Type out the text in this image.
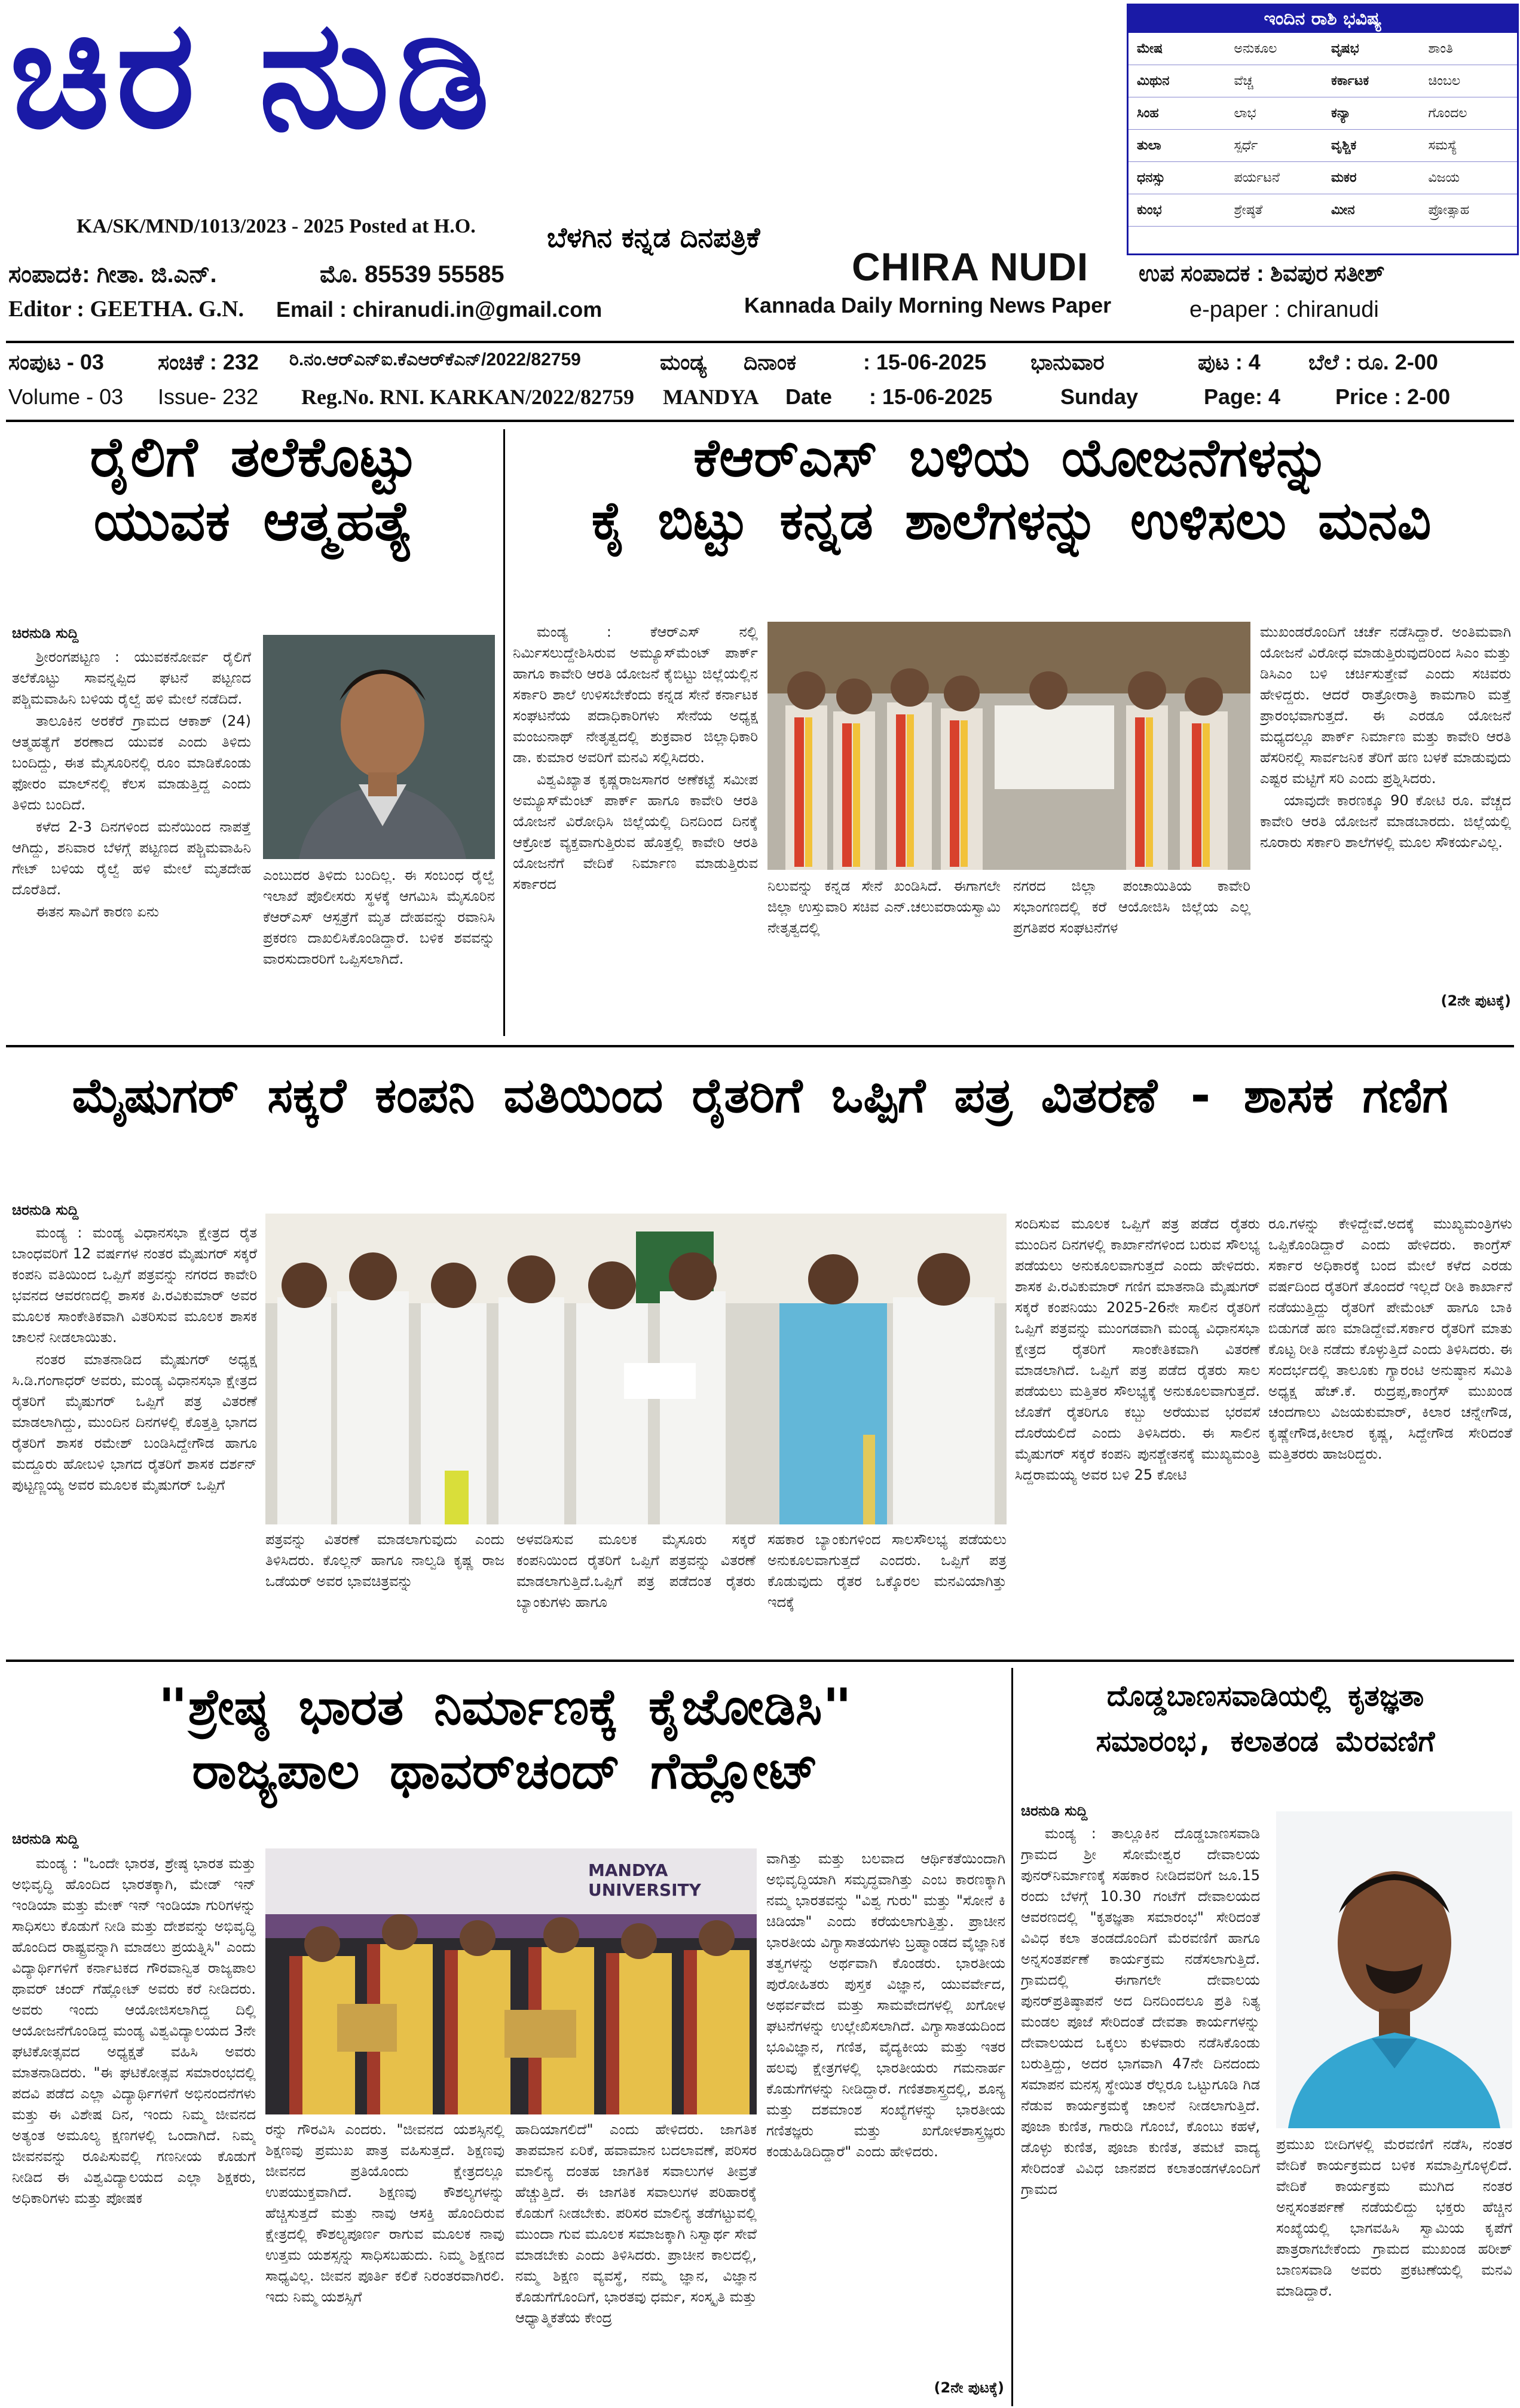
ಚಿರ ನುಡಿ
KA/SK/MND/1013/2023 - 2025 Posted at H.O.	ಬೆಳಗಿನ ಕನ್ನಡ ದಿನಪತ್ರಿಕೆ
ಸಂಪಾದಕಿ: ಗೀತಾ. ಜಿ.ಎನ್.	ಮೊ. 85539 55585
Editor : GEETHA. G.N. Email : chiranudi.in@gmail.com
CHIRA NUDI
Kannada Daily Morning News Paper
ಉಪ ಸಂಪಾದಕ : ಶಿವಪುರ ಸತೀಶ್
e-paper : chiranudi
ಇಂದಿನ ರಾಶಿ ಭವಿಷ್ಯ
ಮೇಷ	ಅನುಕೂಲ	ವೃಷಭ	ಶಾಂತಿ
ಮಿಥುನ	ವೆಚ್ಚ	ಕರ್ಕಾಟಕ	ಚಿಂಬಲ
ಸಿಂಹ	ಲಾಭ	ಕನ್ಯಾ	ಗೊಂದಲ
ತುಲಾ	ಸ್ಪರ್ಧೆ	ವೃಶ್ಚಿಕ	ಸಮಸ್ಯೆ
ಧನಸ್ಸು	ಪರ್ಯಟನೆ	ಮಕರ	ವಿಜಯ
ಕುಂಭ	ಶ್ರೇಷ್ಠತೆ	ಮೀನ	ಪ್ರೋತ್ಸಾಹ
ಸಂಪುಟ - 03	ಸಂಚಿಕೆ : 232 ರಿ.ನಂ.ಆರ್‌ಎನ್‌ಐ.ಕೆಎಆರ್‌ಕೆಎನ್/2022/82759	ಮಂಡ್ಯ ದಿನಾಂಕ	: 15-06-2025 ಭಾನುವಾರ	ಪುಟ : 4 ಬೆಲೆ : ರೂ. 2-00
Volume - 03 Issue- 232 Reg.No. RNI. KARKAN/2022/82759 MANDYA Date : 15-06-2025	Sunday	Page: 4	Price : 2-00
ರೈಲಿಗೆ ತಲೆಕೊಟ್ಟು
ಯುವಕ ಆತ್ಮಹತ್ಯೆ
ಚಿರನುಡಿ ಸುದ್ದಿ

ಶ್ರೀರಂಗಪಟ್ಟಣ : ಯುವಕನೋರ್ವ ರೈಲಿಗೆ ತಲೆಕೊಟ್ಟು ಸಾವನ್ನಪ್ಪಿದ ಘಟನೆ ಪಟ್ಟಣದ ಪಶ್ಚಿಮವಾಹಿನಿ ಬಳಿಯ ರೈಲ್ವೆ ಹಳಿ ಮೇಲೆ ನಡೆದಿದೆ.

ತಾಲೂಕಿನ ಅರಕೆರೆ ಗ್ರಾಮದ ಆಕಾಶ್ (24) ಆತ್ಮಹತ್ಯೆಗೆ ಶರಣಾದ ಯುವಕ ಎಂದು ತಿಳಿದು ಬಂದಿದ್ದು, ಈತ ಮೈಸೂರಿನಲ್ಲಿ ರೂಂ ಮಾಡಿಕೊಂಡು ಫೋರಂ ಮಾಲ್‌ನಲ್ಲಿ ಕೆಲಸ ಮಾಡುತ್ತಿದ್ದ ಎಂದು ತಿಳಿದು ಬಂದಿದೆ.

ಕಳೆದ 2-3 ದಿನಗಳಿಂದ ಮನೆಯಿಂದ ನಾಪತ್ತೆ ಆಗಿದ್ದು, ಶನಿವಾರ ಬೆಳಗ್ಗೆ ಪಟ್ಟಣದ ಪಶ್ಚಿಮವಾಹಿನಿ ಗೇಟ್ ಬಳಿಯ ರೈಲ್ವೆ ಹಳಿ ಮೇಲೆ ಮೃತದೇಹ ದೊರೆತಿದೆ.

ಈತನ ಸಾವಿಗೆ ಕಾರಣ ಏನು

ಎಂಬುದರ ತಿಳಿದು ಬಂದಿಲ್ಲ. ಈ ಸಂಬಂಧ ರೈಲ್ವೆ ಇಲಾಖೆ ಪೊಲೀಸರು ಸ್ಥಳಕ್ಕೆ ಆಗಮಿಸಿ ಮೈಸೂರಿನ ಕೆಆರ್‌ಎಸ್ ಆಸ್ಪತ್ರೆಗೆ ಮೃತ ದೇಹವನ್ನು ರವಾನಿಸಿ ಪ್ರಕರಣ ದಾಖಲಿಸಿಕೊಂಡಿದ್ದಾರೆ. ಬಳಿಕ ಶವವನ್ನು ವಾರಸುದಾರರಿಗೆ ಒಪ್ಪಿಸಲಾಗಿದೆ.

ಕೆಆರ್‌ಎಸ್ ಬಳಿಯ ಯೋಜನೆಗಳನ್ನು
ಕೈ ಬಿಟ್ಟು ಕನ್ನಡ ಶಾಲೆಗಳನ್ನು ಉಳಿಸಲು ಮನವಿ

ಮಂಡ್ಯ : ಕೆಆರ್‌ಎಸ್ ನಲ್ಲಿ ನಿರ್ಮಿಸಲುದ್ದೇಶಿಸಿರುವ ಅಮ್ಯೂಸ್‌ಮೆಂಟ್ ಪಾರ್ಕ್ ಹಾಗೂ ಕಾವೇರಿ ಆರತಿ ಯೋಜನೆ ಕೈಬಿಟ್ಟು ಜಿಲ್ಲೆಯಲ್ಲಿನ ಸರ್ಕಾರಿ ಶಾಲೆ ಉಳಿಸಬೇಕೆಂದು ಕನ್ನಡ ಸೇನೆ ಕರ್ನಾಟಕ ಸಂಘಟನೆಯ ಪದಾಧಿಕಾರಿಗಳು ಸೇನೆಯ ಅಧ್ಯಕ್ಷ ಮಂಜುನಾಥ್ ನೇತೃತ್ವದಲ್ಲಿ ಶುಕ್ರವಾರ ಜಿಲ್ಲಾಧಿಕಾರಿ ಡಾ. ಕುಮಾರ ಅವರಿಗೆ ಮನವಿ ಸಲ್ಲಿಸಿದರು.

ವಿಶ್ವವಿಖ್ಯಾತ ಕೃಷ್ಣರಾಜಸಾಗರ ಅಣೆಕಟ್ಟೆ ಸಮೀಪ ಅಮ್ಯೂಸ್‌ಮೆಂಟ್ ಪಾರ್ಕ್ ಹಾಗೂ ಕಾವೇರಿ ಆರತಿ ಯೋಜನೆ ವಿರೋಧಿಸಿ ಜಿಲ್ಲೆಯಲ್ಲಿ ದಿನದಿಂದ ದಿನಕ್ಕೆ ಆಕ್ರೋಶ ವ್ಯಕ್ತವಾಗುತ್ತಿರುವ ಹೊತ್ತಲ್ಲಿ ಕಾವೇರಿ ಆರತಿ ಯೋಜನೆಗೆ ವೇದಿಕೆ ನಿರ್ಮಾಣ ಮಾಡುತ್ತಿರುವ ಸರ್ಕಾರದ	ನಿಲುವನ್ನು ಕನ್ನಡ ಸೇನೆ ಖಂಡಿಸಿದೆ. ಈಗಾಗಲೇ ಜಿಲ್ಲಾ ಉಸ್ತುವಾರಿ ಸಚಿವ ಎನ್.ಚಲುವರಾಯಸ್ವಾಮಿ ನೇತೃತ್ವದಲ್ಲಿ

ನಗರದ ಜಿಲ್ಲಾ ಪಂಚಾಯಿತಿಯ ಕಾವೇರಿ ಸಭಾಂಗಣದಲ್ಲಿ ಕರೆ ಆಯೋಜಿಸಿ ಜಿಲ್ಲೆಯ ಎಲ್ಲ ಪ್ರಗತಿಪರ ಸಂಘಟನೆಗಳ

ಮುಖಂಡರೊಂದಿಗೆ ಚರ್ಚೆ ನಡೆಸಿದ್ದಾರೆ. ಅಂತಿಮವಾಗಿ ಯೋಜನೆ ವಿರೋಧ ಮಾಡುತ್ತಿರುವುದರಿಂದ ಸಿಎಂ ಮತ್ತು ಡಿಸಿಎಂ ಬಳಿ ಚರ್ಚಿಸುತ್ತೇವೆ ಎಂದು ಸಚಿವರು ಹೇಳಿದ್ದರು. ಆದರೆ ರಾತ್ರೋರಾತ್ರಿ ಕಾಮಗಾರಿ ಮತ್ತೆ ಪ್ರಾರಂಭವಾಗುತ್ತದೆ. ಈ ಎರಡೂ ಯೋಜನೆ ಮಧ್ಯದಲ್ಲೂ ಪಾರ್ಕ್ ನಿರ್ಮಾಣ ಮತ್ತು ಕಾವೇರಿ ಆರತಿ ಹೆಸರಿನಲ್ಲಿ ಸಾರ್ವಜನಿಕ ತೆರಿಗೆ ಹಣ ಬಳಕೆ ಮಾಡುವುದು ಎಷ್ಟರ ಮಟ್ಟಿಗೆ ಸರಿ ಎಂದು ಪ್ರಶ್ನಿಸಿದರು.

ಯಾವುದೇ ಕಾರಣಕ್ಕೂ 90 ಕೋಟಿ ರೂ. ವೆಚ್ಚದ ಕಾವೇರಿ ಆರತಿ ಯೋಜನೆ ಮಾಡಬಾರದು. ಜಿಲ್ಲೆಯಲ್ಲಿ ನೂರಾರು ಸರ್ಕಾರಿ ಶಾಲೆಗಳಲ್ಲಿ ಮೂಲ ಸೌಕರ್ಯವಿಲ್ಲ.

(2ನೇ ಪುಟಕ್ಕೆ)
ಮೈಷುಗರ್ ಸಕ್ಕರೆ ಕಂಪನಿ ವತಿಯಿಂದ ರೈತರಿಗೆ ಒಪ್ಪಿಗೆ ಪತ್ರ ವಿತರಣೆ - ಶಾಸಕ ಗಣಿಗ
ಚಿರನುಡಿ ಸುದ್ದಿ

ಮಂಡ್ಯ : ಮಂಡ್ಯ ವಿಧಾನಸಭಾ ಕ್ಷೇತ್ರದ ರೈತ ಬಾಂಧವರಿಗೆ 12 ವರ್ಷಗಳ ನಂತರ ಮೈಷುಗರ್ ಸಕ್ಕರೆ ಕಂಪನಿ ವತಿಯಿಂದ ಒಪ್ಪಿಗೆ ಪತ್ರವನ್ನು ನಗರದ ಕಾವೇರಿ ಭವನದ ಆವರಣದಲ್ಲಿ ಶಾಸಕ ಪಿ.ರವಿಕುಮಾರ್ ಅವರ ಮೂಲಕ ಸಾಂಕೇತಿಕವಾಗಿ ವಿತರಿಸುವ ಮೂಲಕ ಶಾಸಕ ಚಾಲನೆ ನೀಡಲಾಯಿತು.

ನಂತರ ಮಾತನಾಡಿದ ಮೈಷುಗರ್ ಅಧ್ಯಕ್ಷ ಸಿ.ಡಿ.ಗಂಗಾಧರ್ ಅವರು, ಮಂಡ್ಯ ವಿಧಾನಸಭಾ ಕ್ಷೇತ್ರದ ರೈತರಿಗೆ ಮೈಷುಗರ್ ಒಪ್ಪಿಗೆ ಪತ್ರ ವಿತರಣೆ ಮಾಡಲಾಗಿದ್ದು, ಮುಂದಿನ ದಿನಗಳಲ್ಲಿ ಕೊತ್ತತ್ತಿ ಭಾಗದ ರೈತರಿಗೆ ಶಾಸಕ ರಮೇಶ್ ಬಂಡಿಸಿದ್ದೇಗೌಡ ಹಾಗೂ ಮದ್ದೂರು ಹೋಬಳಿ ಭಾಗದ ರೈತರಿಗೆ ಶಾಸಕ ದರ್ಶನ್ ಪುಟ್ಟಣ್ಣಯ್ಯ ಅವರ ಮೂಲಕ ಮೈಷುಗರ್ ಒಪ್ಪಿಗೆ

ಪತ್ರವನ್ನು ವಿತರಣೆ ಮಾಡಲಾಗುವುದು ಎಂದು ತಿಳಿಸಿದರು. ಕೊಲ್ಲನ್ ಹಾಗೂ ನಾಲ್ವಡಿ ಕೃಷ್ಣ ರಾಜ ಒಡೆಯರ್ ಅವರ ಭಾವಚಿತ್ರವನ್ನು

ಅಳವಡಿಸುವ ಮೂಲಕ ಮೈಸೂರು ಸಕ್ಕರೆ ಕಂಪನಿಯಿಂದ ರೈತರಿಗೆ ಒಪ್ಪಿಗೆ ಪತ್ರವನ್ನು ವಿತರಣೆ ಮಾಡಲಾಗುತ್ತಿದೆ.ಒಪ್ಪಿಗೆ ಪತ್ರ ಪಡೆದಂತ ರೈತರು ಬ್ಯಾಂಕುಗಳು ಹಾಗೂ

ಸಹಕಾರ ಬ್ಯಾಂಕುಗಳಿಂದ ಸಾಲಸೌಲಭ್ಯ ಪಡೆಯಲು ಅನುಕೂಲವಾಗುತ್ತದೆ ಎಂದರು. ಒಪ್ಪಿಗೆ ಪತ್ರ ಕೊಡುವುದು ರೈತರ ಒಕ್ಕೊರಲ ಮನವಿಯಾಗಿತ್ತು ಇದಕ್ಕೆ

ಸಂದಿಸುವ ಮೂಲಕ ಒಪ್ಪಿಗೆ ಪತ್ರ ಪಡೆದ ರೈತರು ಮುಂದಿನ ದಿನಗಳಲ್ಲಿ ಕಾರ್ಖಾನೆಗಳಿಂದ ಬರುವ ಸೌಲಭ್ಯ ಪಡೆಯಲು ಅನುಕೂಲವಾಗುತ್ತದೆ ಎಂದು ಹೇಳಿದರು. ಶಾಸಕ ಪಿ.ರವಿಕುಮಾರ್ ಗಣಿಗ ಮಾತನಾಡಿ ಮೈಷುಗರ್ ಸಕ್ಕರೆ ಕಂಪನಿಯು 2025-26ನೇ ಸಾಲಿನ ರೈತರಿಗೆ ಒಪ್ಪಿಗೆ ಪತ್ರವನ್ನು ಮುಂಗಡವಾಗಿ ಮಂಡ್ಯ ವಿಧಾನಸಭಾ ಕ್ಷೇತ್ರದ ರೈತರಿಗೆ ಸಾಂಕೇತಿಕವಾಗಿ ವಿತರಣೆ ಮಾಡಲಾಗಿದೆ. ಒಪ್ಪಿಗೆ ಪತ್ರ ಪಡೆದ ರೈತರು ಸಾಲ ಪಡೆಯಲು ಮತ್ತಿತರ ಸೌಲಭ್ಯಕ್ಕೆ ಅನುಕೂಲವಾಗುತ್ತದೆ. ಜೊತೆಗೆ ರೈತರಿಗೂ ಕಬ್ಬು ಅರೆಯುವ ಭರವಸೆ ದೊರೆಯಲಿದೆ ಎಂದು ತಿಳಿಸಿದರು. ಈ ಸಾಲಿನ ಮೈಷುಗರ್ ಸಕ್ಕರೆ ಕಂಪನಿ ಪುನಶ್ಚೇತನಕ್ಕೆ ಮುಖ್ಯಮಂತ್ರಿ ಸಿದ್ದರಾಮಯ್ಯ ಅವರ ಬಳಿ 25 ಕೋಟಿ

ರೂ.ಗಳನ್ನು ಕೇಳಿದ್ದೇವೆ.ಅದಕ್ಕೆ ಮುಖ್ಯಮಂತ್ರಿಗಳು ಒಪ್ಪಿಕೊಂಡಿದ್ದಾರೆ ಎಂದು ಹೇಳಿದರು. ಕಾಂಗ್ರೆಸ್ ಸರ್ಕಾರ ಅಧಿಕಾರಕ್ಕೆ ಬಂದ ಮೇಲೆ ಕಳೆದ ಎರಡು ವರ್ಷದಿಂದ ರೈತರಿಗೆ ತೊಂದರೆ ಇಲ್ಲದೆ ರೀತಿ ಕಾರ್ಖಾನೆ ನಡೆಯುತ್ತಿದ್ದು ರೈತರಿಗೆ ಪೇಮೆಂಟ್ ಹಾಗೂ ಬಾಕಿ ಬಿಡುಗಡೆ ಹಣ ಮಾಡಿದ್ದೇವೆ.ಸರ್ಕಾರ ರೈತರಿಗೆ ಮಾತು ಕೊಟ್ಟ ರೀತಿ ನಡೆದು ಕೊಳ್ಳುತ್ತಿದೆ ಎಂದು ತಿಳಿಸಿದರು. ಈ ಸಂದರ್ಭದಲ್ಲಿ ತಾಲೂಕು ಗ್ಯಾರಂಟಿ ಅನುಷ್ಠಾನ ಸಮಿತಿ ಅಧ್ಯಕ್ಷ ಹೆಚ್.ಕೆ. ರುದ್ರಪ್ಪ,ಕಾಂಗ್ರೆಸ್ ಮುಖಂಡ ಚಂದಗಾಲು ವಿಜಯಕುಮಾರ್, ಕಿಲಾರ ಚನ್ನೇಗೌಡ, ಕೃಷ್ಣೇಗೌಡ,ಕೀಲಾರ ಕೃಷ್ಣ, ಸಿದ್ದೇಗೌಡ ಸೇರಿದಂತೆ ಮತ್ತಿತರರು ಹಾಜರಿದ್ದರು.

"ಶ್ರೇಷ್ಠ ಭಾರತ ನಿರ್ಮಾಣಕ್ಕೆ ಕೈಜೋಡಿಸಿ"
ರಾಜ್ಯಪಾಲ ಥಾವರ್‌ಚಂದ್ ಗೆಹ್ಲೋಟ್
ಚಿರನುಡಿ ಸುದ್ದಿ

ಮಂಡ್ಯ : "ಒಂದೇ ಭಾರತ, ಶ್ರೇಷ್ಠ ಭಾರತ ಮತ್ತು ಅಭಿವೃದ್ಧಿ ಹೊಂದಿದ ಭಾರತಕ್ಕಾಗಿ, ಮೇಡ್ ಇನ್ ಇಂಡಿಯಾ ಮತ್ತು ಮೇಕ್ ಇನ್ ಇಂಡಿಯಾ ಗುರಿಗಳನ್ನು ಸಾಧಿಸಲು ಕೊಡುಗೆ ನೀಡಿ ಮತ್ತು ದೇಶವನ್ನು ಅಭಿವೃದ್ಧಿ ಹೊಂದಿದ ರಾಷ್ಟ್ರವನ್ನಾಗಿ ಮಾಡಲು ಪ್ರಯತ್ನಿಸಿ" ಎಂದು ವಿದ್ಯಾರ್ಥಿಗಳಿಗೆ ಕರ್ನಾಟಕದ ಗೌರವಾನ್ವಿತ ರಾಜ್ಯಪಾಲ ಥಾವರ್ ಚಂದ್ ಗೆಹ್ಲೋಟ್ ಅವರು ಕರೆ ನೀಡಿದರು. ಅವರು ಇಂದು ಆಯೋಜಿಸಲಾಗಿದ್ದ ದಿಲ್ಲಿ ಆಯೋಜನೆಗೊಂಡಿದ್ದ ಮಂಡ್ಯ ವಿಶ್ವವಿದ್ಯಾಲಯದ 3ನೇ ಘಟಿಕೋತ್ಸವದ ಅಧ್ಯಕ್ಷತೆ ವಹಿಸಿ ಅವರು ಮಾತನಾಡಿದರು. "ಈ ಘಟಿಕೋತ್ಸವ ಸಮಾರಂಭದಲ್ಲಿ ಪದವಿ ಪಡೆದ ಎಲ್ಲಾ ವಿದ್ಯಾರ್ಥಿಗಳಿಗೆ ಅಭಿನಂದನೆಗಳು ಮತ್ತು ಈ ವಿಶೇಷ ದಿನ, ಇಂದು ನಿಮ್ಮ ಜೀವನದ ಅತ್ಯಂತ ಅಮೂಲ್ಯ ಕ್ಷಣಗಳಲ್ಲಿ ಒಂದಾಗಿದೆ. ನಿಮ್ಮ ಜೀವನವನ್ನು ರೂಪಿಸುವಲ್ಲಿ ಗಣನೀಯ ಕೊಡುಗೆ ನೀಡಿದ ಈ ವಿಶ್ವವಿದ್ಯಾಲಯದ ಎಲ್ಲಾ ಶಿಕ್ಷಕರು, ಅಧಿಕಾರಿಗಳು ಮತ್ತು ಪೋಷಕ

MANDYA UNIVERSITY

ರನ್ನು ಗೌರವಿಸಿ ಎಂದರು. "ಜೀವನದ ಯಶಸ್ಸಿನಲ್ಲಿ ಶಿಕ್ಷಣವು ಪ್ರಮುಖ ಪಾತ್ರ ವಹಿಸುತ್ತದೆ. ಶಿಕ್ಷಣವು ಜೀವನದ ಪ್ರತಿಯೊಂದು ಕ್ಷೇತ್ರದಲ್ಲೂ ಉಪಯುಕ್ತವಾಗಿದೆ. ಶಿಕ್ಷಣವು ಕೌಶಲ್ಯಗಳನ್ನು ಹೆಚ್ಚಿಸುತ್ತದೆ ಮತ್ತು ನಾವು ಆಸಕ್ತಿ ಹೊಂದಿರುವ ಕ್ಷೇತ್ರದಲ್ಲಿ ಕೌಶಲ್ಯಪೂರ್ಣ ರಾಗುವ ಮೂಲಕ ನಾವು ಉತ್ತಮ ಯಶಸ್ಸನ್ನು ಸಾಧಿಸಬಹುದು. ನಿಮ್ಮ ಶಿಕ್ಷಣದ ಸಾಧ್ಯವಿಲ್ಲ. ಜೀವನ ಪೂರ್ತಿ ಕಲಿಕೆ ನಿರಂತರವಾಗಿರಲಿ. ಇದು ನಿಮ್ಮ ಯಶಸ್ಸಿಗೆ

ಹಾದಿಯಾಗಲಿದೆ" ಎಂದು ಹೇಳಿದರು. ಜಾಗತಿಕ ತಾಪಮಾನ ಏರಿಕೆ, ಹವಾಮಾನ ಬದಲಾವಣೆ, ಪರಿಸರ ಮಾಲಿನ್ಯ ದಂತಹ ಜಾಗತಿಕ ಸವಾಲುಗಳ ತೀವ್ರತೆ ಹೆಚ್ಚುತ್ತಿದೆ. ಈ ಜಾಗತಿಕ ಸವಾಲುಗಳ ಪರಿಹಾರಕ್ಕೆ ಕೊಡುಗೆ ನೀಡಬೇಕು. ಪರಿಸರ ಮಾಲಿನ್ಯ ತಡೆಗಟ್ಟುವಲ್ಲಿ ಮುಂದಾ ಗುವ ಮೂಲಕ ಸಮಾಜಕ್ಕಾಗಿ ನಿಸ್ವಾರ್ಥ ಸೇವೆ ಮಾಡಬೇಕು ಎಂದು ತಿಳಿಸಿದರು. ಪ್ರಾಚೀನ ಕಾಲದಲ್ಲಿ, ನಮ್ಮ ಶಿಕ್ಷಣ ವ್ಯವಸ್ಥೆ, ನಮ್ಮ ಜ್ಞಾನ, ವಿಜ್ಞಾನ ಕೊಡುಗೆಗೊಂದಿಗೆ, ಭಾರತವು ಧರ್ಮ, ಸಂಸ್ಕೃತಿ ಮತ್ತು ಆಧ್ಯಾತ್ಮಿಕತೆಯ ಕೇಂದ್ರ

ವಾಗಿತ್ತು ಮತ್ತು ಬಲವಾದ ಆರ್ಥಿಕತೆಯಿಂದಾಗಿ ಅಭಿವೃದ್ಧಿಯಾಗಿ ಸಮೃದ್ಧವಾಗಿತ್ತು ಎಂಬ ಕಾರಣಕ್ಕಾಗಿ ನಮ್ಮ ಭಾರತವನ್ನು "ವಿಶ್ವ ಗುರು" ಮತ್ತು "ಸೋನೆ ಕಿ ಚಿಡಿಯಾ" ಎಂದು ಕರೆಯಲಾಗುತ್ತಿತ್ತು. ಪ್ರಾಚೀನ ಭಾರತೀಯ ವಿಗ್ಯಾಸಾತಯಗಳು ಬ್ರಹ್ಮಾಂಡದ ವೈಜ್ಞಾನಿಕ ತತ್ವಗಳನ್ನು ಅರ್ಥವಾಗಿ ಕೊಂಡರು. ಭಾರತೀಯ ಪುರೋಹಿತರು ಪುಸ್ತಕ ವಿಜ್ಞಾನ, ಯುವರ್ವೇದ, ಅಥರ್ವವೇದ ಮತ್ತು ಸಾಮವೇದಗಳಲ್ಲಿ ಖಗೋಳ ಘಟನೆಗಳನ್ನು ಉಲ್ಲೇಖಿಸಲಾಗಿದೆ. ವಿಗ್ಯಾಸಾತಯದಿಂದ ಭೂವಿಜ್ಞಾನ, ಗಣಿತ, ವೈದ್ಯಕೀಯ ಮತ್ತು ಇತರ ಹಲವು ಕ್ಷೇತ್ರಗಳಲ್ಲಿ ಭಾರತೀಯರು ಗಮನಾರ್ಹ ಕೊಡುಗೆಗಳನ್ನು ನೀಡಿದ್ದಾರೆ. ಗಣಿತಶಾಸ್ತ್ರದಲ್ಲಿ, ಶೂನ್ಯ ಮತ್ತು ದಶಮಾಂಶ ಸಂಖ್ಯೆಗಳನ್ನು ಭಾರತೀಯ ಗಣಿತಜ್ಞರು ಮತ್ತು ಖಗೋಳಶಾಸ್ತ್ರಜ್ಞರು ಕಂಡುಹಿಡಿದಿದ್ದಾರೆ" ಎಂದು ಹೇಳಿದರು.

(2ನೇ ಪುಟಕ್ಕೆ)
ದೊಡ್ಡಬಾಣಸವಾಡಿಯಲ್ಲಿ ಕೃತಜ್ಞತಾ
ಸಮಾರಂಭ, ಕಲಾತಂಡ ಮೆರವಣಿಗೆ
ಚಿರನುಡಿ ಸುದ್ದಿ

ಮಂಡ್ಯ : ತಾಲ್ಲೂಕಿನ ದೊಡ್ಡಬಾಣಸವಾಡಿ ಗ್ರಾಮದ ಶ್ರೀ ಸೋಮೇಶ್ವರ ದೇವಾಲಯ ಪುನರ್‌ನಿರ್ಮಾಣಕ್ಕೆ ಸಹಕಾರ ನೀಡಿದವರಿಗೆ ಜೂ.15 ರಂದು ಬೆಳಗ್ಗೆ 10.30 ಗಂಟೆಗೆ ದೇವಾಲಯದ ಆವರಣದಲ್ಲಿ "ಕೃತಜ್ಞತಾ ಸಮಾರಂಭ" ಸೇರಿದಂತೆ ವಿವಿಧ ಕಲಾ ತಂಡದೊಂದಿಗೆ ಮೆರವಣಿಗೆ ಹಾಗೂ ಅನ್ನಸಂತರ್ಪಣೆ ಕಾರ್ಯಕ್ರಮ ನಡೆಸಲಾಗುತ್ತಿದೆ. ಗ್ರಾಮದಲ್ಲಿ ಈಗಾಗಲೇ ದೇವಾಲಯ ಪುನರ್‌ಪ್ರತಿಷ್ಠಾಪನೆ ಅದ ದಿನದಿಂದಲೂ ಪ್ರತಿ ನಿತ್ಯ ಮಂಡಲ ಪೂಜೆ ಸೇರಿದಂತೆ ದೇವತಾ ಕಾರ್ಯಗಳನ್ನು ದೇವಾಲಯದ ಒಕ್ಕಲು ಕುಳವಾರು ನಡೆಸಿಕೊಂಡು ಬರುತ್ತಿದ್ದು, ಅದರ ಭಾಗವಾಗಿ 47ನೇ ದಿನದಂದು ಸಮಾಪನ ಮನಸ್ಸ ಸ್ಥೇಯಿತ ರೆಲ್ಲರೂ ಒಟ್ಟುಗೂಡಿ ಗಿಡ ನೆಡುವ ಕಾರ್ಯಕ್ರಮಕ್ಕೆ ಚಾಲನೆ ನೀಡಲಾಗುತ್ತಿದೆ. ಪೂಜಾ ಕುಣಿತ, ಗಾರುಡಿ ಗೊಂಬೆ, ಕೊಂಬು ಕಹಳೆ, ಡೊಳ್ಳು ಕುಣಿತ, ಪೂಜಾ ಕುಣಿತ, ತಮಟೆ ವಾದ್ಯ ಸೇರಿದಂತೆ ವಿವಿಧ ಜಾನಪದ ಕಲಾತಂಡಗಳೊಂದಿಗೆ ಗ್ರಾಮದ

ಪ್ರಮುಖ ಬೀದಿಗಳಲ್ಲಿ ಮೆರವಣಿಗೆ ನಡೆಸಿ, ನಂತರ ವೇದಿಕೆ ಕಾರ್ಯಕ್ರಮದ ಬಳಿಕ ಸಮಾಪ್ತಿಗೊಳ್ಳಲಿದೆ. ವೇದಿಕೆ ಕಾರ್ಯಕ್ರಮ ಮುಗಿದ ನಂತರ ಅನ್ನಸಂತರ್ಪಣೆ ನಡೆಯಲಿದ್ದು ಭಕ್ತರು ಹೆಚ್ಚಿನ ಸಂಖ್ಯೆಯಲ್ಲಿ ಭಾಗವಹಿಸಿ ಸ್ವಾಮಿಯ ಕೃಪೆಗೆ ಪಾತ್ರರಾಗಬೇಕೆಂದು ಗ್ರಾಮದ ಮುಖಂಡ ಹರೀಶ್ ಬಾಣಸವಾಡಿ ಅವರು ಪ್ರಕಟಣೆಯಲ್ಲಿ ಮನವಿ ಮಾಡಿದ್ದಾರೆ.
